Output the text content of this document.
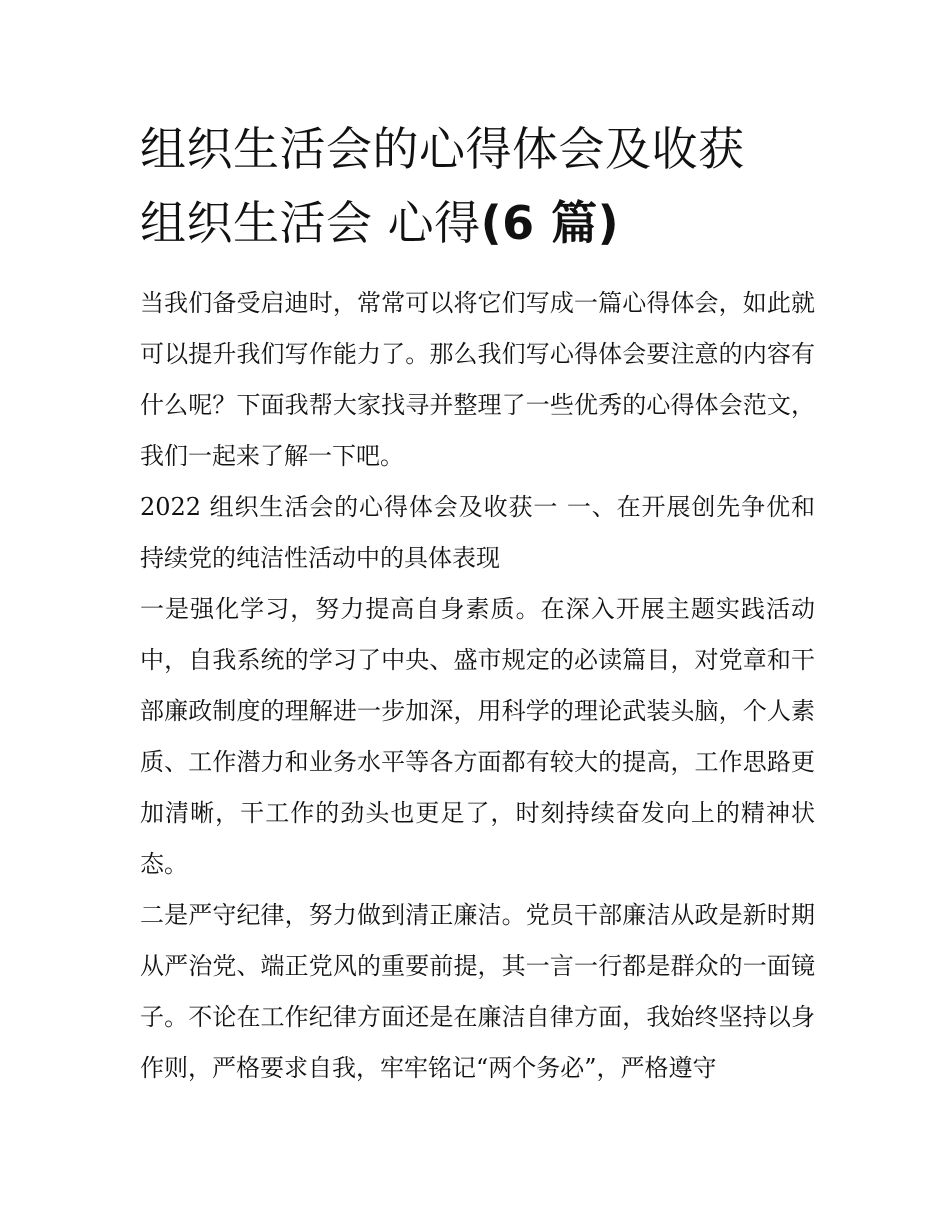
组织生活会的心得体会及收获
组织生活会 心得(6 篇)

当我们备受启迪时，常常可以将它们写成一篇心得体会，如此就可以提升我们写作能力了。那么我们写心得体会要注意的内容有什么呢？下面我帮大家找寻并整理了一些优秀的心得体会范文，我们一起来了解一下吧。

2022 组织生活会的心得体会及收获一 一、在开展创先争优和持续党的纯洁性活动中的具体表现

一是强化学习，努力提高自身素质。在深入开展主题实践活动中，自我系统的学习了中央、盛市规定的必读篇目，对党章和干部廉政制度的理解进一步加深，用科学的理论武装头脑，个人素质、工作潜力和业务水平等各方面都有较大的提高，工作思路更加清晰，干工作的劲头也更足了，时刻持续奋发向上的精神状态。

二是严守纪律，努力做到清正廉洁。党员干部廉洁从政是新时期从严治党、端正党风的重要前提，其一言一行都是群众的一面镜子。不论在工作纪律方面还是在廉洁自律方面，我始终坚持以身作则，严格要求自我，牢牢铭记“两个务必”，严格遵守
